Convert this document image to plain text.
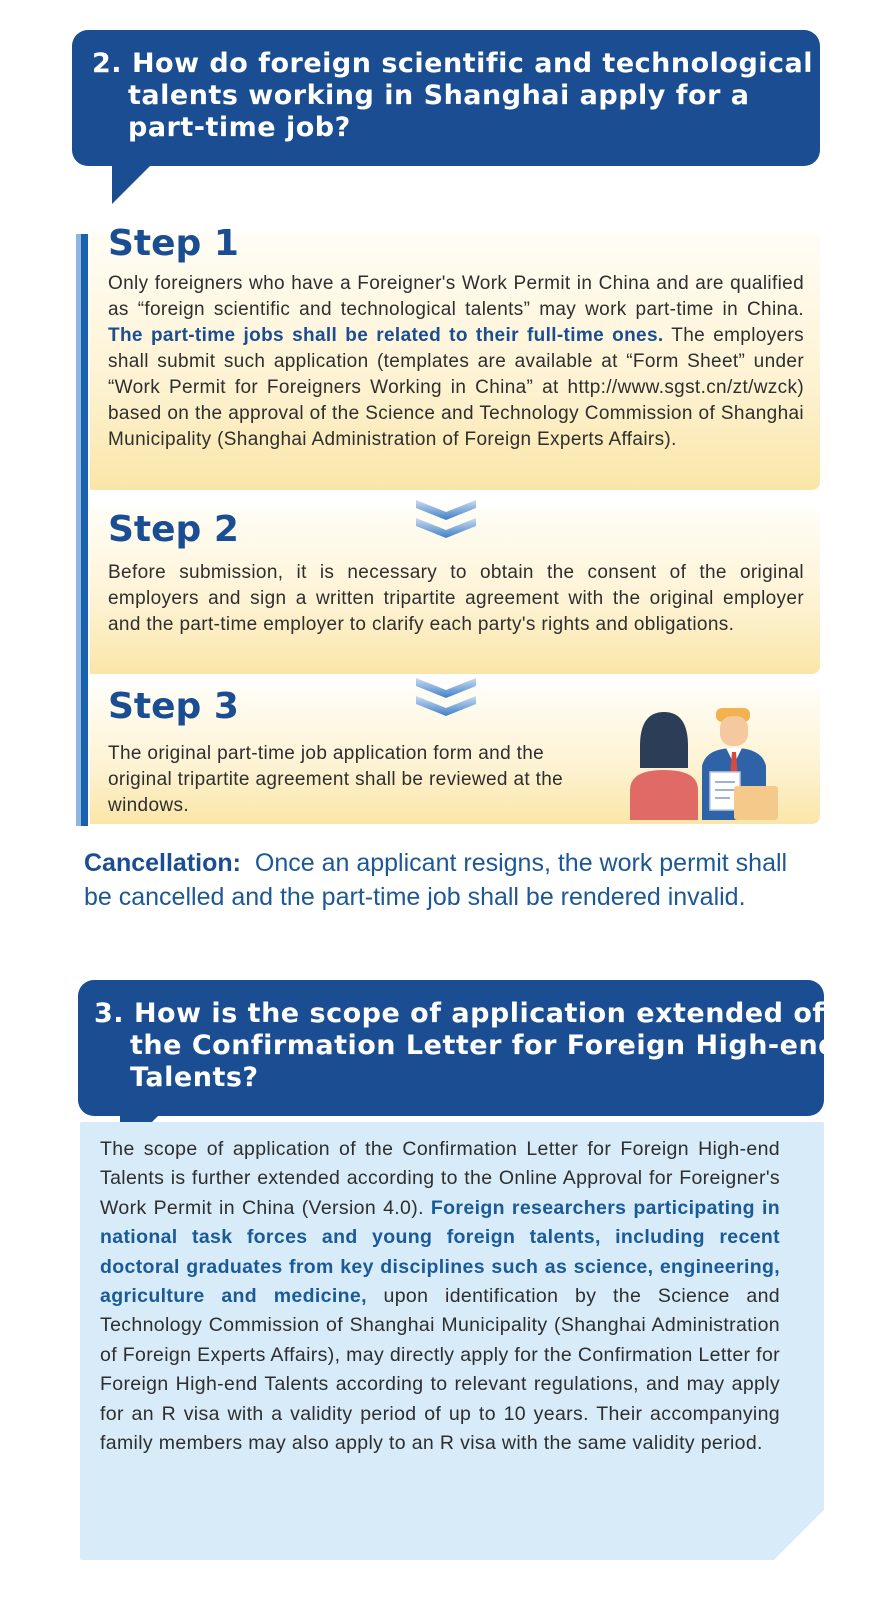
2. How do foreign scientific and technological
talents working in Shanghai apply for a
part-time job?
Step 1

Only foreigners who have a Foreigner's Work Permit in China and are qualified as “foreign scientific and technological talents” may work part-time in China. The part-time jobs shall be related to their full-time ones. The employers shall submit such application (templates are available at “Form Sheet” under “Work Permit for Foreigners Working in China” at http://www.sgst.cn/zt/wzck) based on the approval of the Science and Technology Commission of Shanghai Municipality (Shanghai Administration of Foreign Experts Affairs).

Step 2

Before submission, it is necessary to obtain the consent of the original employers and sign a written tripartite agreement with the original employer and the part-time employer to clarify each party's rights and obligations.

Step 3

The original part-time job application form and the original tripartite agreement shall be reviewed at the windows.

Cancellation: Once an applicant resigns, the work permit shall be cancelled and the part-time job shall be rendered invalid.

3. How is the scope of application extended of
the Confirmation Letter for Foreign High-end
Talents?

The scope of application of the Confirmation Letter for Foreign High-end Talents is further extended according to the Online Approval for Foreigner's Work Permit in China (Version 4.0). Foreign researchers participating in national task forces and young foreign talents, including recent doctoral graduates from key disciplines such as science, engineering, agriculture and medicine, upon identification by the Science and Technology Commission of Shanghai Municipality (Shanghai Administration of Foreign Experts Affairs), may directly apply for the Confirmation Letter for Foreign High-end Talents according to relevant regulations, and may apply for an R visa with a validity period of up to 10 years. Their accompanying family members may also apply to an R visa with the same validity period.
